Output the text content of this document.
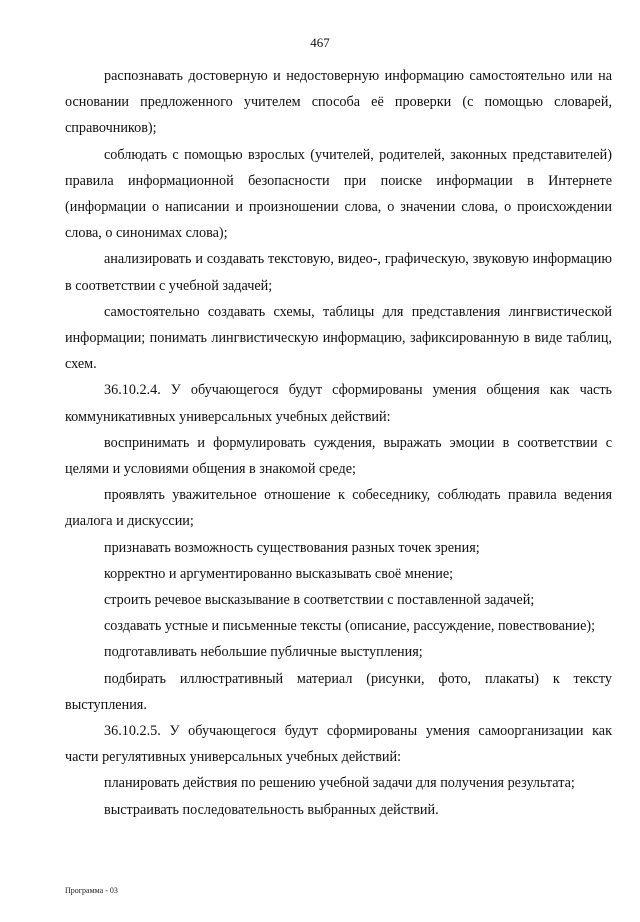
467

распознавать достоверную и недостоверную информацию самостоятельно или на основании предложенного учителем способа её проверки (с помощью словарей, справочников);

соблюдать с помощью взрослых (учителей, родителей, законных представителей) правила информационной безопасности при поиске информации в Интернете (информации о написании и произношении слова, о значении слова, о происхождении слова, о синонимах слова);

анализировать и создавать текстовую, видео-, графическую, звуковую информацию в соответствии с учебной задачей;

самостоятельно создавать схемы, таблицы для представления лингвистической информации; понимать лингвистическую информацию, зафиксированную в виде таблиц, схем.

36.10.2.4. У обучающегося будут сформированы умения общения как часть коммуникативных универсальных учебных действий:

воспринимать и формулировать суждения, выражать эмоции в соответствии с целями и условиями общения в знакомой среде;

проявлять уважительное отношение к собеседнику, соблюдать правила ведения диалога и дискуссии;

признавать возможность существования разных точек зрения;

корректно и аргументированно высказывать своё мнение;

строить речевое высказывание в соответствии с поставленной задачей;

создавать устные и письменные тексты (описание, рассуждение, повествование);

подготавливать небольшие публичные выступления;

подбирать иллюстративный материал (рисунки, фото, плакаты) к тексту выступления.

36.10.2.5. У обучающегося будут сформированы умения самоорганизации как части регулятивных универсальных учебных действий:

планировать действия по решению учебной задачи для получения результата;

выстраивать последовательность выбранных действий.

Программа - 03
